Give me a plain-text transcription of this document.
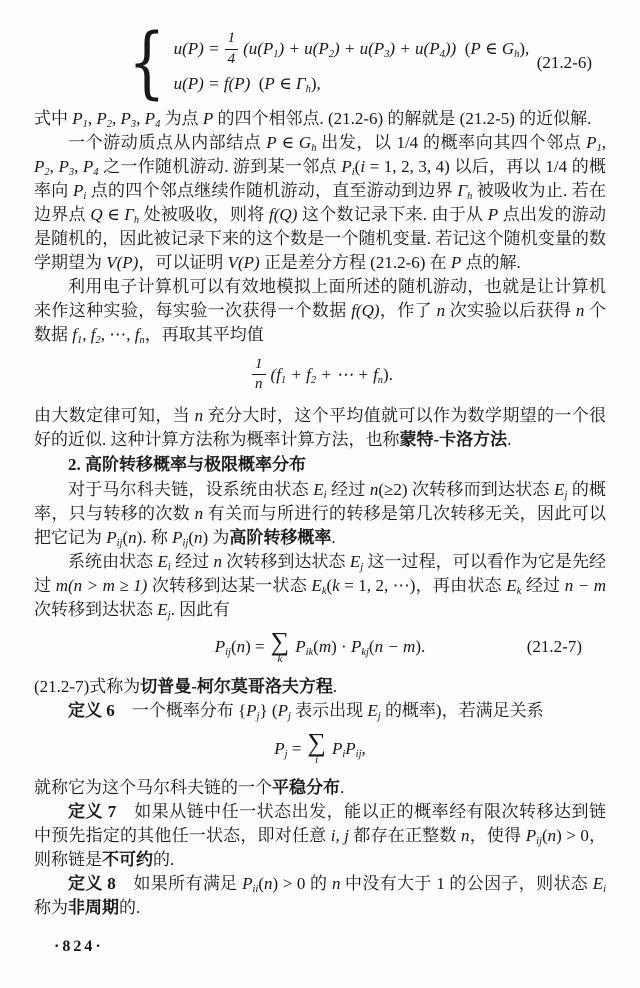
{ $u(P) = \frac{1}{4} (u(P_1) + u(P_2) + u(P_3) + u(P_4))$ (P ∈ $G_h$),
u(P) = f(P) (P ∈ $\Gamma_h$),
(21.2-6)

式中 $P_1$, $P_2$, $P_3$, $P_4$ 为点 P 的四个相邻点. (21.2-6) 的解就是 (21.2-5) 的近似解.

一个游动质点从内部结点 P ∈ $G_h$ 出发，以 1/4 的概率向其四个邻点 $P_1$, $P_2$, $P_3$, $P_4$ 之一作随机游动. 游到某一邻点 $P_i(i = 1$, 2, 3, 4) 以后，再以 1/4 的概率向 $P_i$ 点的四个邻点继续作随机游动，直至游动到边界 $\Gamma_h$ 被吸收为止. 若在边界点 Q ∈ $\Gamma_h$ 处被吸收，则将 f(Q) 这个数记录下来. 由于从 P 点出发的游动是随机的，因此被记录下来的这个数是一个随机变量. 若记这个随机变量的数学期望为 V(P)，可以证明 V(P) 正是差分方程 (21.2-6) 在 P 点的解.

利用电子计算机可以有效地模拟上面所述的随机游动，也就是让计算机来作这种实验，每实验一次获得一个数据 f(Q)，作了 n 次实验以后获得 n 个数据 $f_1$, $f_2$, ⋯, $f_n$，再取其平均值

$\frac{1}{n} (f_1 + f_2$ + ⋯ + $f_n$).

由大数定律可知，当 n 充分大时，这个平均值就可以作为数学期望的一个很好的近似. 这种计算方法称为概率计算方法，也称蒙特-卡洛方法.

2. 高阶转移概率与极限概率分布

对于马尔科夫链，设系统由状态 $E_i$ 经过 n(≥2) 次转移而到达状态 $E_j$ 的概率，只与转移的次数 n 有关而与所进行的转移是第几次转移无关，因此可以把它记为 $P_{ij}(n)$. 称 $P_{ij}(n)$ 为高阶转移概率.

系统由状态 $E_i$ 经过 n 次转移到达状态 $E_j$ 这一过程，可以看作为它是先经过 m(n > m ≥ 1) 次转移到达某一状态 $E_k(k = 1$, 2, ⋯)，再由状态 $E_k$ 经过 n − m 次转移到达状态 $E_j$. 因此有

$P_{ij}(n)$ = ∑
k
$P_{ik}(m) \cdot P_{kj}(n - m)$.	(21.2-7)

(21.2-7)式称为切普曼-柯尔莫哥洛夫方程.

定义 6　一个概率分布 $\{P_j\}$ ($P_j$ 表示出现 $E_j$ 的概率)，若满足关系

$P_j$ = ∑
i
$P_iP_{ij}$,

就称它为这个马尔科夫链的一个平稳分布.

定义 7　如果从链中任一状态出发，能以正的概率经有限次转移达到链中预先指定的其他任一状态，即对任意 i, j 都存在正整数 n，使得 $P_{ij}(n) > 0$，则称链是不可约的.

定义 8　如果所有满足 $P_{ii}(n) > 0$ 的 n 中没有大于 1 的公因子，则状态 $E_i$ 称为非周期的.

·824·
